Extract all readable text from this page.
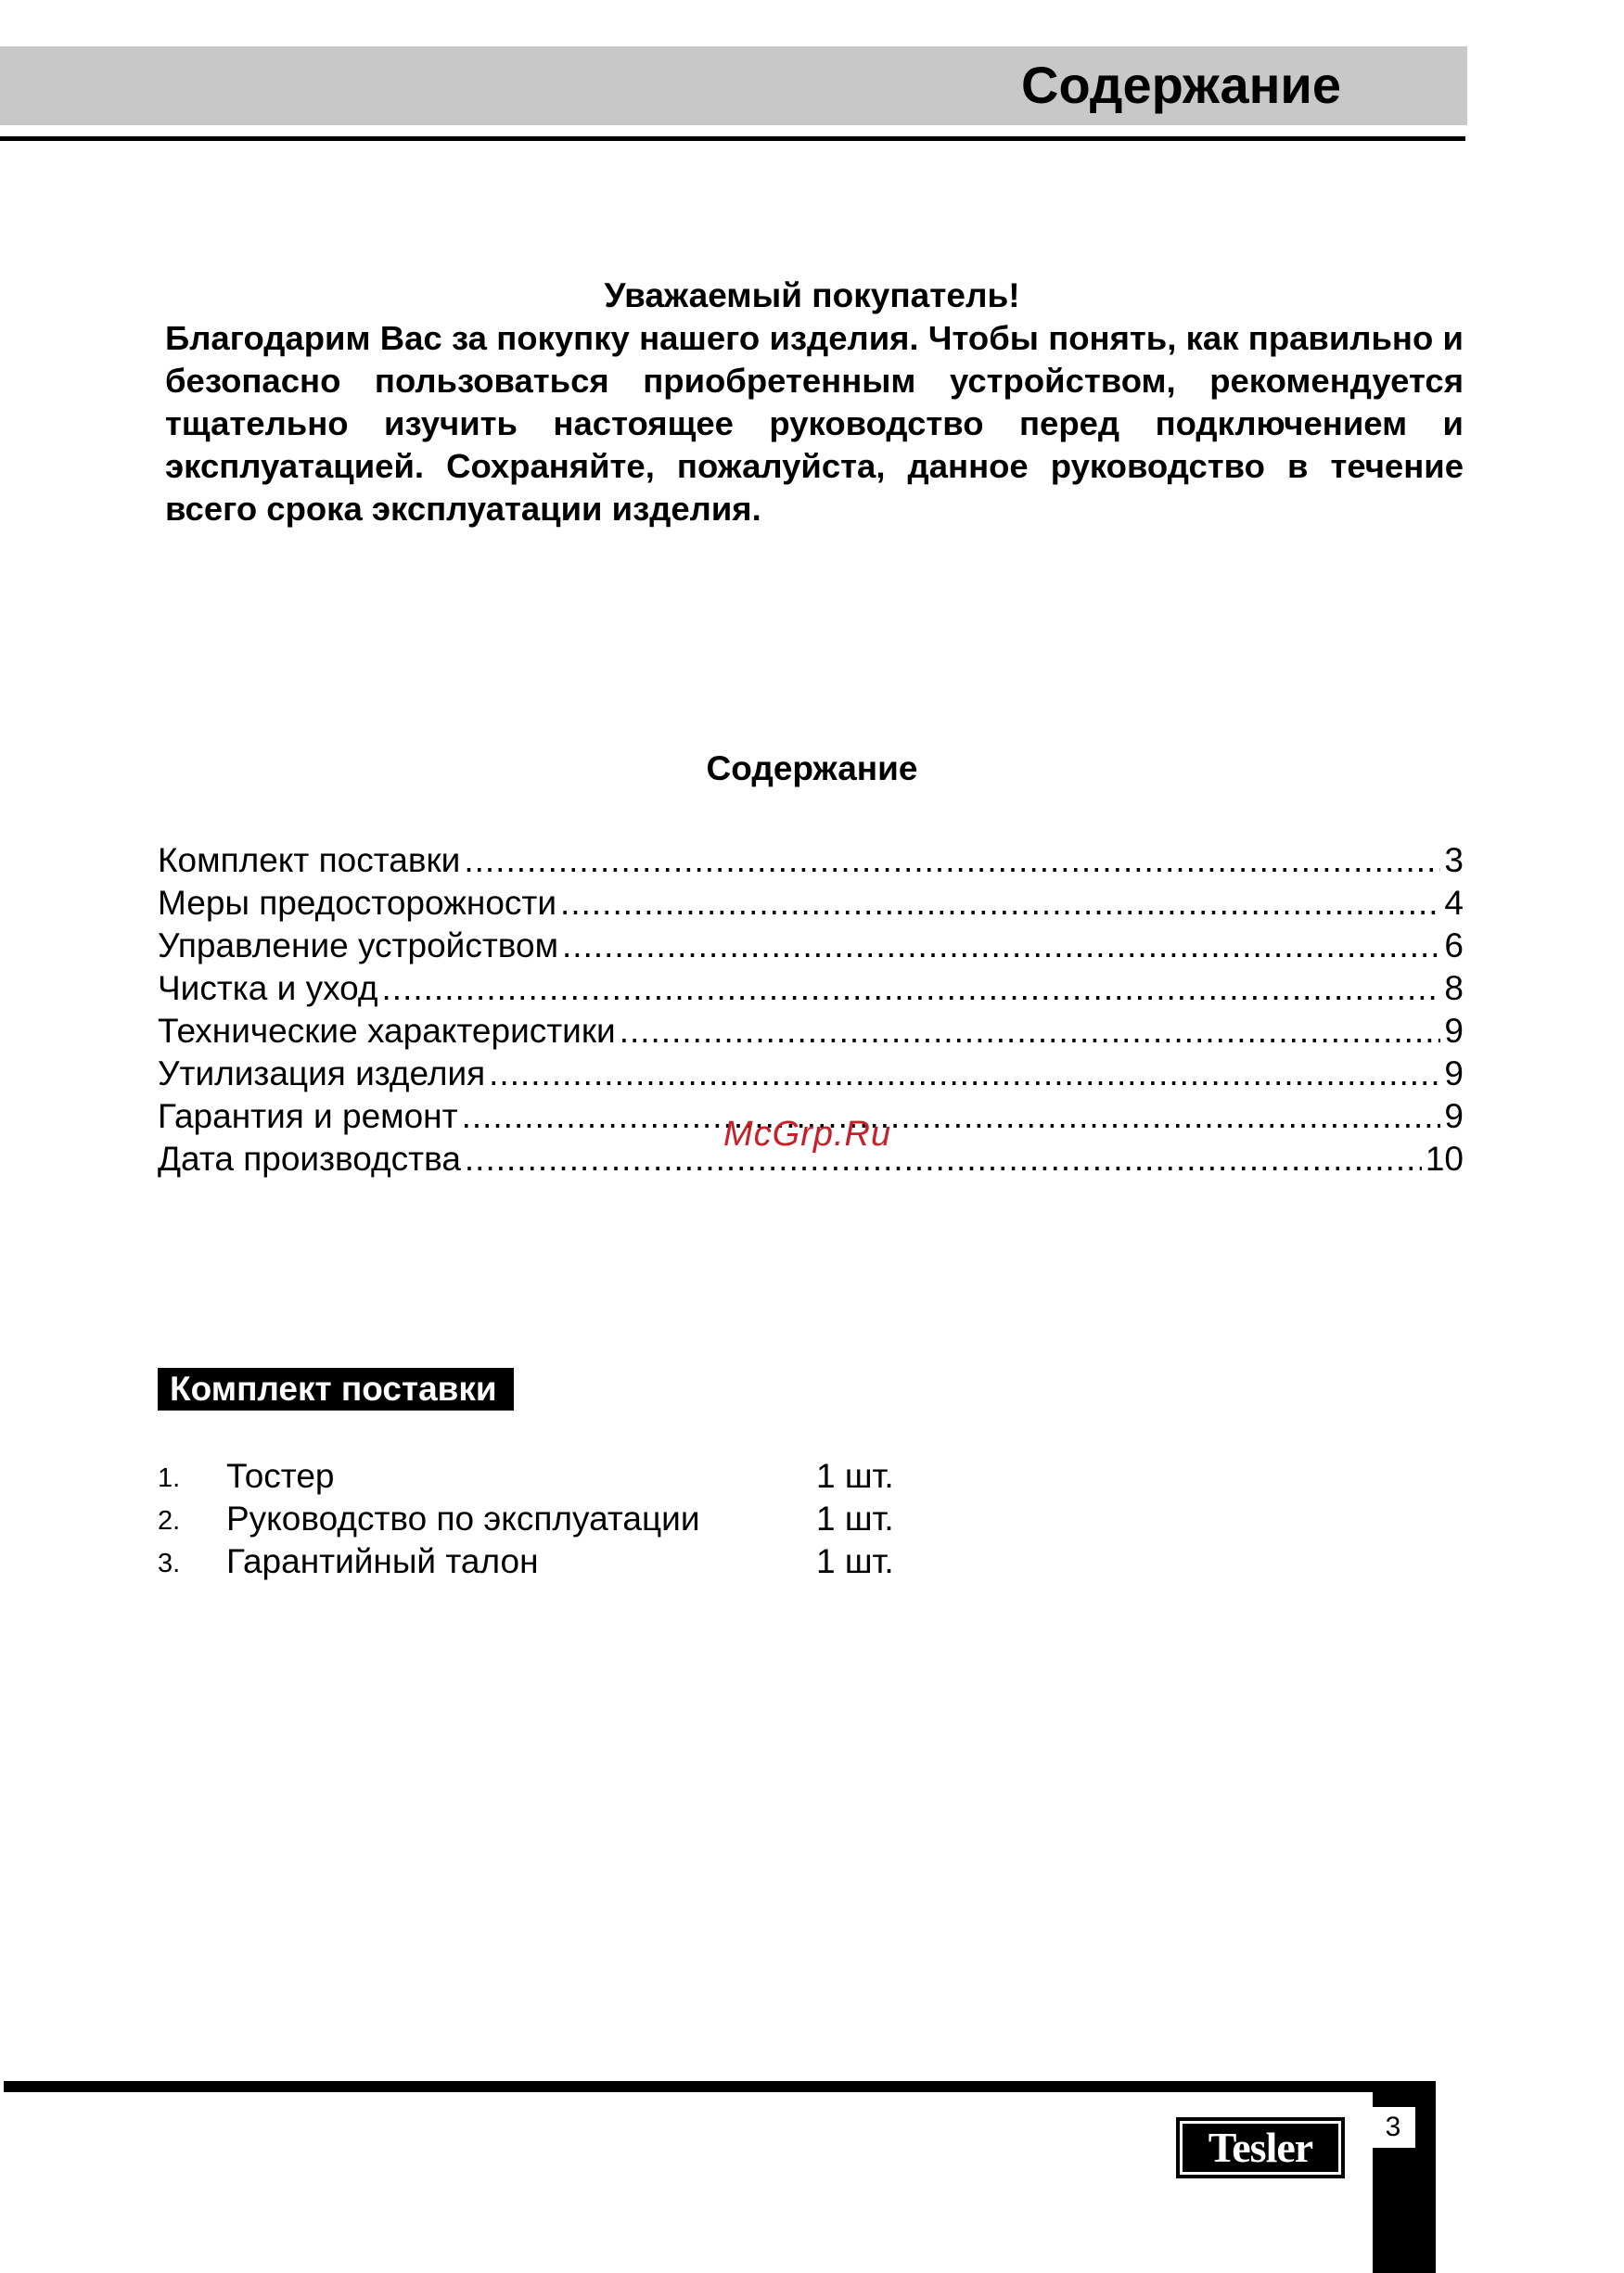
Содержание
Уважаемый покупатель!
Благодарим Вас за покупку нашего изделия. Чтобы понять, как правильно и безопасно пользоваться приобретенным устройством, рекомендуется тщательно изучить настоящее руководство перед подключением и эксплуатацией. Сохраняйте, пожалуйста, данное руководство в течение всего срока эксплуатации изделия.
Содержание
Комплект поставки .....	3
Меры предосторожности .....	4
Управление устройством .....	6
Чистка и уход .....	8
Технические характеристики .....	9
Утилизация изделия .....	9
Гарантия и ремонт .....	9
Дата производства .....	10
McGrp.Ru
Комплект поставки
1. Тостер	1 шт.
2. Руководство по эксплуатации	1 шт.
3. Гарантийный талон	1 шт.
3
Tesler
